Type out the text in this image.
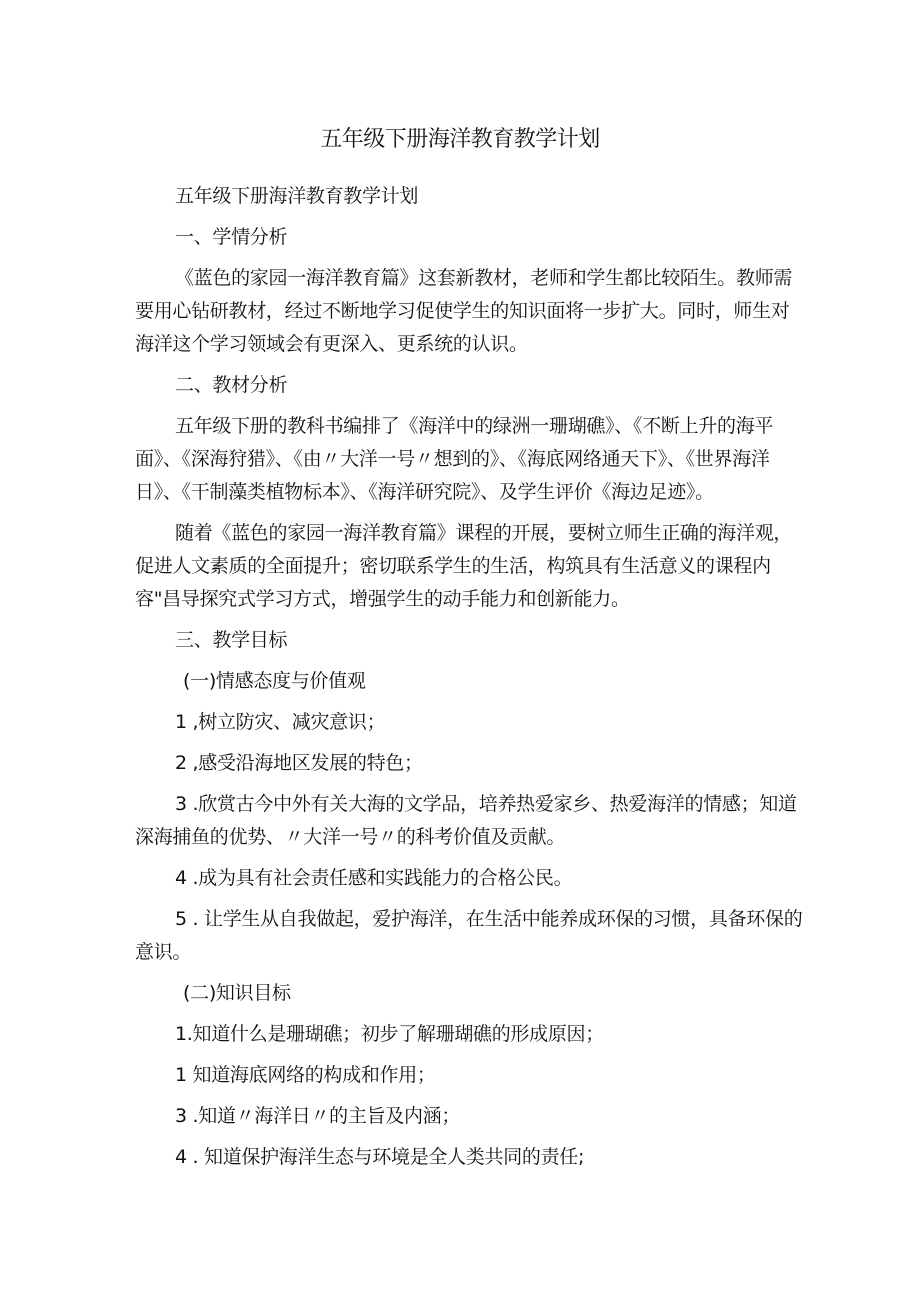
五年级下册海洋教育教学计划

五年级下册海洋教育教学计划

一、学情分析

《蓝色的家园一海洋教育篇》这套新教材，老师和学生都比较陌生。教师需要用心钻研教材，经过不断地学习促使学生的知识面将一步扩大。同时，师生对海洋这个学习领域会有更深入、更系统的认识。

二、教材分析

五年级下册的教科书编排了《海洋中的绿洲一珊瑚礁》、《不断上升的海平面》、《深海狩猎》、《由〃大洋一号〃想到的》、《海底网络通天下》、《世界海洋日》、《干制藻类植物标本》、《海洋研究院》、及学生评价《海边足迹》。

随着《蓝色的家园一海洋教育篇》课程的开展，要树立师生正确的海洋观，促进人文素质的全面提升；密切联系学生的生活，构筑具有生活意义的课程内容"昌导探究式学习方式，增强学生的动手能力和创新能力。

三、教学目标

(一)情感态度与价值观

1 ,树立防灾、减灾意识；

2 ,感受沿海地区发展的特色；

3 .欣赏古今中外有关大海的文学品，培养热爱家乡、热爱海洋的情感；知道深海捕鱼的优势、〃大洋一号〃的科考价值及贡献。

4 .成为具有社会责任感和实践能力的合格公民。

5 . 让学生从自我做起，爱护海洋，在生活中能养成环保的习惯，具备环保的意识。

(二)知识目标

1.知道什么是珊瑚礁；初步了解珊瑚礁的形成原因；

1 知道海底网络的构成和作用；

3 .知道〃海洋日〃的主旨及内涵；

4 . 知道保护海洋生态与环境是全人类共同的责任;
